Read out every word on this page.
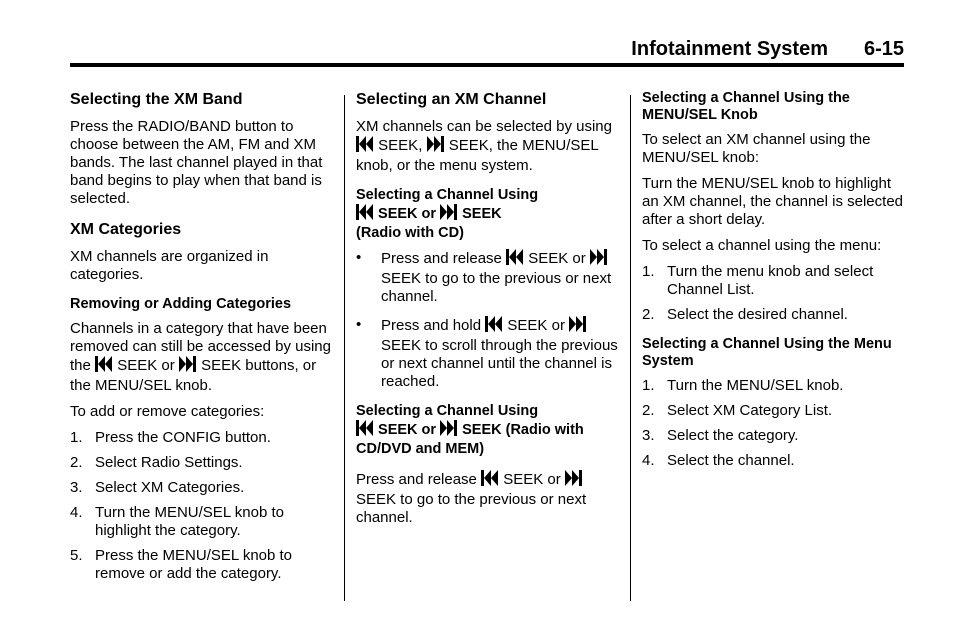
Infotainment System 6-15
Selecting the XM Band

Press the RADIO/BAND button to choose between the AM, FM and XM bands. The last channel played in that band begins to play when that band is selected.

XM Categories

XM channels are organized in categories.

Removing or Adding Categories

Channels in a category that have been removed can still be accessed by using the SEEK or SEEK buttons, or the MENU/SEL knob.

To add or remove categories:

1. Press the CONFIG button.
2. Select Radio Settings.
3. Select XM Categories.
4. Turn the MENU/SEL knob to highlight the category.
5. Press the MENU/SEL knob to remove or add the category.
Selecting an XM Channel

XM channels can be selected by using  SEEK, SEEK, the MENU/SEL knob, or the menu system.

Selecting a Channel Using
SEEK or SEEK
(Radio with CD)
• Press and release SEEK or  SEEK to go to the previous or next channel.
• Press and hold SEEK or  SEEK to scroll through the previous or next channel until the channel is reached.
Selecting a Channel Using
SEEK or SEEK (Radio with CD/DVD and MEM)

Press and release SEEK or  SEEK to go to the previous or next channel.

Selecting a Channel Using the MENU/SEL Knob

To select an XM channel using the MENU/SEL knob:

Turn the MENU/SEL knob to highlight an XM channel, the channel is selected after a short delay.

To select a channel using the menu:

1. Turn the menu knob and select Channel List.
2. Select the desired channel.
Selecting a Channel Using the Menu System
1. Turn the MENU/SEL knob.
2. Select XM Category List.
3. Select the category.
4. Select the channel.
